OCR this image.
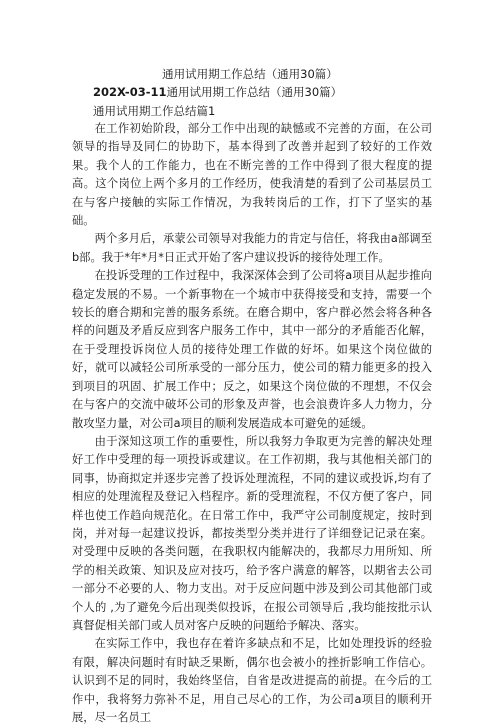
通用试用期工作总结（通用30篇）
202X-03-11通用试用期工作总结（通用30篇）
通用试用期工作总结篇1

在工作初始阶段，部分工作中出现的缺憾或不完善的方面，在公司领导的指导及同仁的协助下，基本得到了改善并起到了较好的工作效果。我个人的工作能力，也在不断完善的工作中得到了很大程度的提高。这个岗位上两个多月的工作经历，使我清楚的看到了公司基层员工在与客户接触的实际工作情况，为我转岗后的工作，打下了坚实的基础。

两个多月后，承蒙公司领导对我能力的肯定与信任，将我由a部调至b部。我于*年*月*日正式开始了客户建议投诉的接待处理工作。

在投诉受理的工作过程中，我深深体会到了公司将a项目从起步推向稳定发展的不易。一个新事物在一个城市中获得接受和支持，需要一个较长的磨合期和完善的服务系统。在磨合期中，客户群必然会将各种各样的问题及矛盾反应到客户服务工作中，其中一部分的矛盾能否化解，在于受理投诉岗位人员的接待处理工作做的好坏。如果这个岗位做的好，就可以减轻公司所承受的一部分压力，使公司的精力能更多的投入到项目的巩固、扩展工作中；反之，如果这个岗位做的不理想，不仅会在与客户的交流中破坏公司的形象及声誉，也会浪费许多人力物力，分散攻坚力量，对公司a项目的顺利发展造成本可避免的延缓。

由于深知这项工作的重要性，所以我努力争取更为完善的解决处理好工作中受理的每一项投诉或建议。在工作初期，我与其他相关部门的同事，协商拟定并逐步完善了投诉处理流程，不同的建议或投诉,均有了相应的处理流程及登记入档程序。新的受理流程，不仅方便了客户，同样也使工作趋向规范化。在日常工作中，我严守公司制度规定，按时到岗，并对每一起建议投诉，都按类型分类并进行了详细登记记录在案。对受理中反映的各类问题，在我职权内能解决的，我都尽力用所知、所学的相关政策、知识及应对技巧，给予客户满意的解答，以期省去公司一部分不必要的人、物力支出。对于反应问题中涉及到公司其他部门或个人的 ,为了避免今后出现类似投诉，在报公司领导后 ,我均能按批示认真督促相关部门或人员对客户反映的问题给予解决、落实。

在实际工作中，我也存在着许多缺点和不足，比如处理投诉的经验有限，解决问题时有时缺乏果断，偶尔也会被小的挫折影响工作信心。认识到不足的同时，我始终坚信，自省是改进提高的前提。在今后的工作中，我将努力弥补不足，用自己尽心的工作，为公司a项目的顺利开展，尽一名员工
